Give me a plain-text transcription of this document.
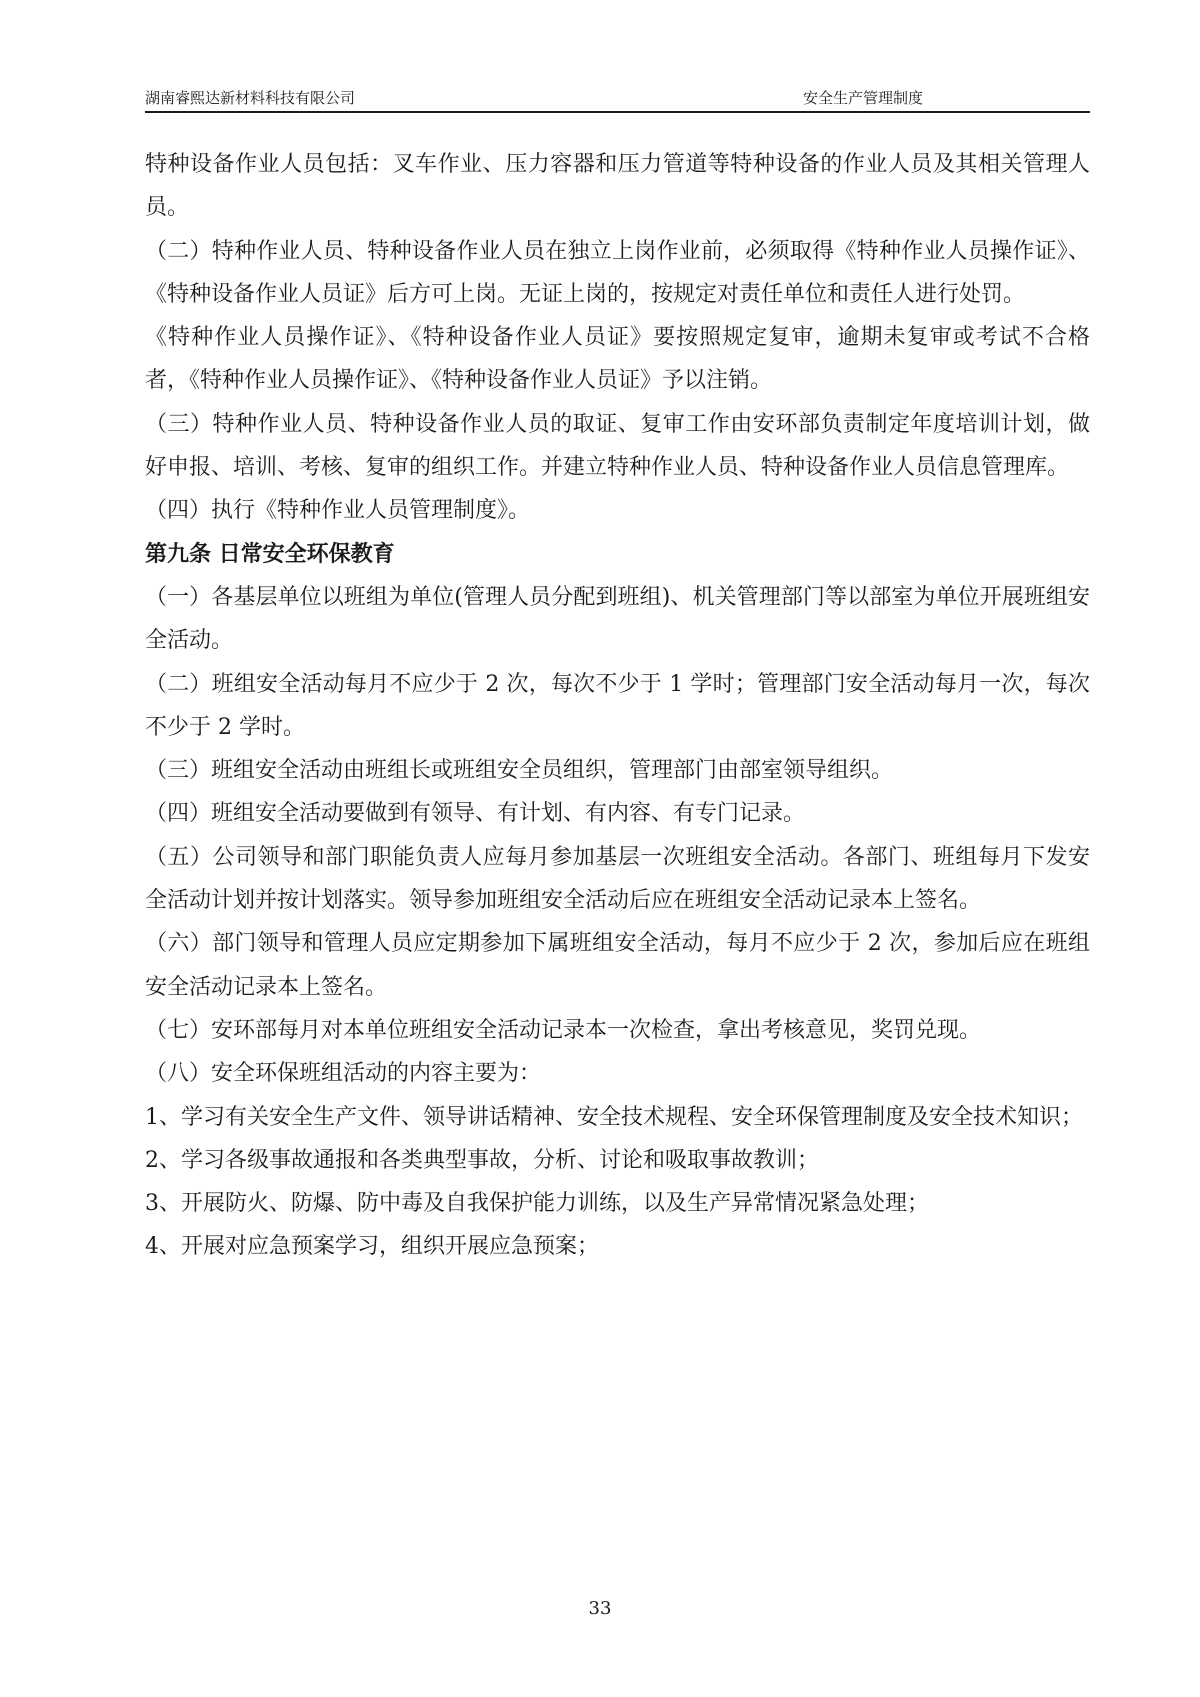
湖南睿熙达新材料科技有限公司	安全生产管理制度

特种设备作业人员包括：叉车作业、压力容器和压力管道等特种设备的作业人员及其相关管理人员。

（二）特种作业人员、特种设备作业人员在独立上岗作业前，必须取得《特种作业人员操作证》、《特种设备作业人员证》后方可上岗。无证上岗的，按规定对责任单位和责任人进行处罚。

《特种作业人员操作证》、《特种设备作业人员证》要按照规定复审，逾期未复审或考试不合格者，《特种作业人员操作证》、《特种设备作业人员证》予以注销。

（三）特种作业人员、特种设备作业人员的取证、复审工作由安环部负责制定年度培训计划，做好申报、培训、考核、复审的组织工作。并建立特种作业人员、特种设备作业人员信息管理库。

（四）执行《特种作业人员管理制度》。

第九条 日常安全环保教育

（一）各基层单位以班组为单位(管理人员分配到班组)、机关管理部门等以部室为单位开展班组安全活动。

（二）班组安全活动每月不应少于 2 次，每次不少于 1 学时；管理部门安全活动每月一次，每次不少于 2 学时。

（三）班组安全活动由班组长或班组安全员组织，管理部门由部室领导组织。

（四）班组安全活动要做到有领导、有计划、有内容、有专门记录。

（五）公司领导和部门职能负责人应每月参加基层一次班组安全活动。各部门、班组每月下发安全活动计划并按计划落实。领导参加班组安全活动后应在班组安全活动记录本上签名。

（六）部门领导和管理人员应定期参加下属班组安全活动，每月不应少于 2 次，参加后应在班组安全活动记录本上签名。

（七）安环部每月对本单位班组安全活动记录本一次检查，拿出考核意见，奖罚兑现。

（八）安全环保班组活动的内容主要为：

1、学习有关安全生产文件、领导讲话精神、安全技术规程、安全环保管理制度及安全技术知识；

2、学习各级事故通报和各类典型事故，分析、讨论和吸取事故教训；

3、开展防火、防爆、防中毒及自我保护能力训练，以及生产异常情况紧急处理；

4、开展对应急预案学习，组织开展应急预案；

33
